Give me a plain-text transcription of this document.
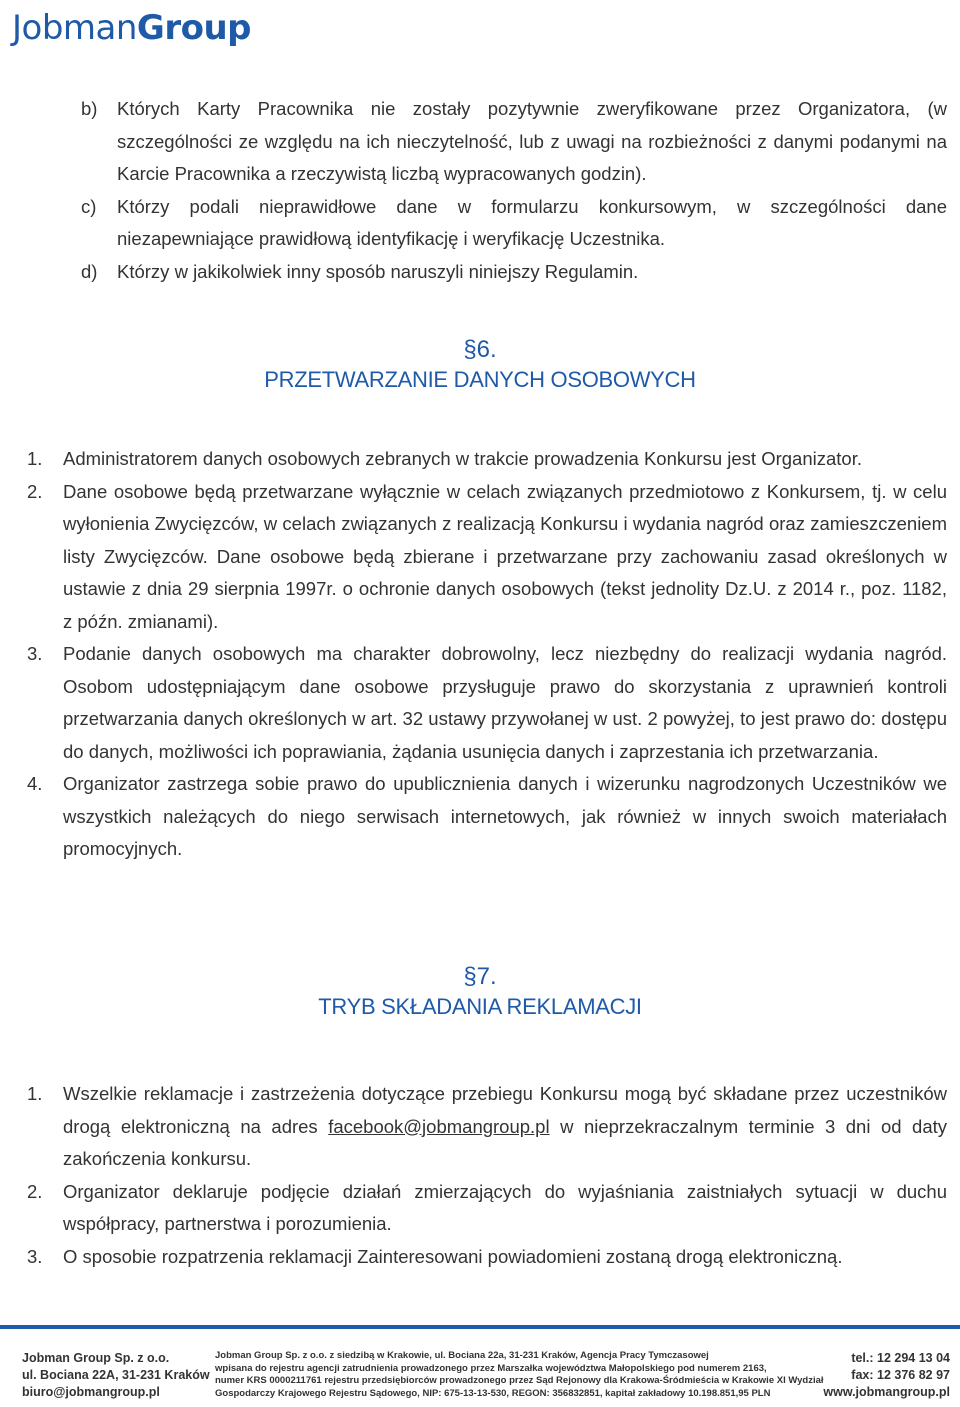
JobmanGroup
b) Których Karty Pracownika nie zostały pozytywnie zweryfikowane przez Organizatora, (w szczególności ze względu na ich nieczytelność, lub z uwagi na rozbieżności z danymi podanymi na Karcie Pracownika a rzeczywistą liczbą wypracowanych godzin).
c) Którzy podali nieprawidłowe dane w formularzu konkursowym, w szczególności dane niezapewniające prawidłową identyfikację i weryfikację Uczestnika.
d) Którzy w jakikolwiek inny sposób naruszyli niniejszy Regulamin.
§6.
PRZETWARZANIE DANYCH OSOBOWYCH
1. Administratorem danych osobowych zebranych w trakcie prowadzenia Konkursu jest Organizator.
2. Dane osobowe będą przetwarzane wyłącznie w celach związanych przedmiotowo z Konkursem, tj. w celu wyłonienia Zwycięzców, w celach związanych z realizacją Konkursu i wydania nagród oraz zamieszczeniem listy Zwycięzców. Dane osobowe będą zbierane i przetwarzane przy zachowaniu zasad określonych w ustawie z dnia 29 sierpnia 1997r. o ochronie danych osobowych (tekst jednolity Dz.U. z 2014 r., poz. 1182, z późn. zmianami).
3. Podanie danych osobowych ma charakter dobrowolny, lecz niezbędny do realizacji wydania nagród. Osobom udostępniającym dane osobowe przysługuje prawo do skorzystania z uprawnień kontroli przetwarzania danych określonych w art. 32 ustawy przywołanej w ust. 2 powyżej, to jest prawo do: dostępu do danych, możliwości ich poprawiania, żądania usunięcia danych i zaprzestania ich przetwarzania.
4. Organizator zastrzega sobie prawo do upublicznienia danych i wizerunku nagrodzonych Uczestników we wszystkich należących do niego serwisach internetowych, jak również w innych swoich materiałach promocyjnych.
§7.
TRYB SKŁADANIA REKLAMACJI
1. Wszelkie reklamacje i zastrzeżenia dotyczące przebiegu Konkursu mogą być składane przez uczestników drogą elektroniczną na adres facebook@jobmangroup.pl w nieprzekraczalnym terminie 3 dni od daty zakończenia konkursu.
2. Organizator deklaruje podjęcie działań zmierzających do wyjaśniania zaistniałych sytuacji w duchu współpracy, partnerstwa i porozumienia.
3. O sposobie rozpatrzenia reklamacji Zainteresowani powiadomieni zostaną drogą elektroniczną.
Jobman Group Sp. z o.o.
ul. Bociana 22A, 31-231 Kraków
biuro@jobmangroup.pl
Jobman Group Sp. z o.o. z siedzibą w Krakowie, ul. Bociana 22a, 31-231 Kraków, Agencja Pracy Tymczasowej
wpisana do rejestru agencji zatrudnienia prowadzonego przez Marszałka województwa Małopolskiego pod numerem 2163,
numer KRS 0000211761 rejestru przedsiębiorców prowadzonego przez Sąd Rejonowy dla Krakowa-Śródmieścia w Krakowie XI Wydział
Gospodarczy Krajowego Rejestru Sądowego, NIP: 675-13-13-530, REGON: 356832851, kapitał zakładowy 10.198.851,95 PLN
tel.: 12 294 13 04
fax: 12 376 82 97
www.jobmangroup.pl
